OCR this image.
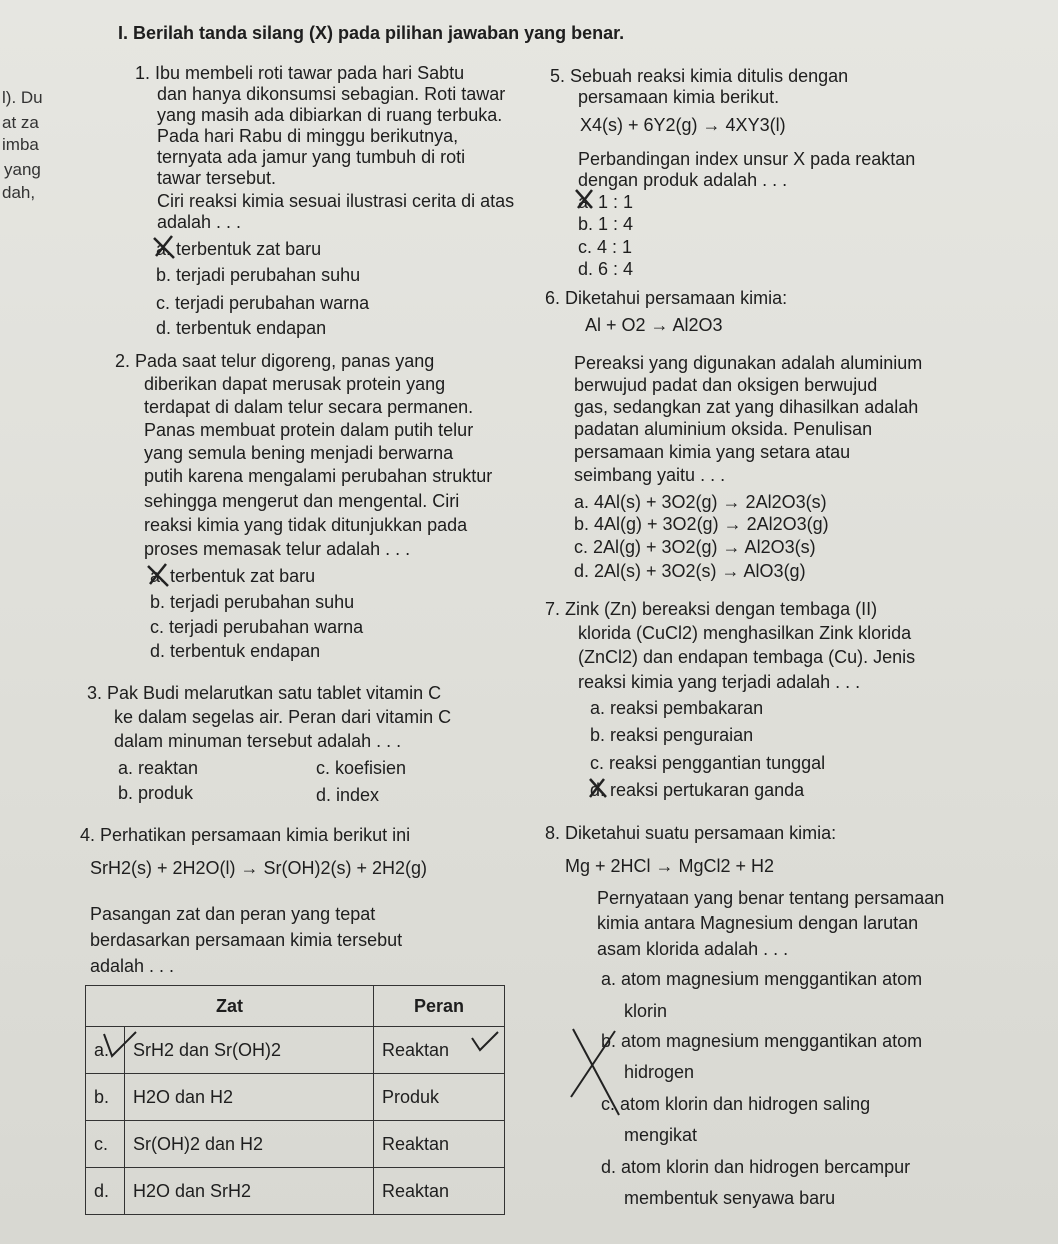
I. Berilah tanda silang (X) pada pilihan jawaban yang benar.
l). Du
at za
imba
yang
dah,
1. Ibu membeli roti tawar pada hari Sabtu
dan hanya dikonsumsi sebagian. Roti tawar
yang masih ada dibiarkan di ruang terbuka.
Pada hari Rabu di minggu berikutnya,
ternyata ada jamur yang tumbuh di roti
tawar tersebut.
Ciri reaksi kimia sesuai ilustrasi cerita di atas
adalah . . .
a. terbentuk zat baru
b. terjadi perubahan suhu
c. terjadi perubahan warna
d. terbentuk endapan
2. Pada saat telur digoreng, panas yang
diberikan dapat merusak protein yang
terdapat di dalam telur secara permanen.
Panas membuat protein dalam putih telur
yang semula bening menjadi berwarna
putih karena mengalami perubahan struktur
sehingga mengerut dan mengental. Ciri
reaksi kimia yang tidak ditunjukkan pada
proses memasak telur adalah . . .
a. terbentuk zat baru
b. terjadi perubahan suhu
c. terjadi perubahan warna
d. terbentuk endapan
3. Pak Budi melarutkan satu tablet vitamin C
ke dalam segelas air. Peran dari vitamin C
dalam minuman tersebut adalah . . .
a. reaktan	c. koefisien
b. produk	d. index
4. Perhatikan persamaan kimia berikut ini
SrH2(s) + 2H2O(l) → Sr(OH)2(s) + 2H2(g)
Pasangan zat dan peran yang tepat
berdasarkan persamaan kimia tersebut
adalah . . .
Zat		Peran
a.	SrH2 dan Sr(OH)2	Reaktan
b.	H2O dan H2	Produk
c.	Sr(OH)2 dan H2	Reaktan
d.	H2O dan SrH2	Reaktan
5. Sebuah reaksi kimia ditulis dengan
persamaan kimia berikut.
X4(s) + 6Y2(g) → 4XY3(l)
Perbandingan index unsur X pada reaktan
dengan produk adalah . . .
a. 1 : 1
b. 1 : 4
c. 4 : 1
d. 6 : 4
6. Diketahui persamaan kimia:
Al + O2 → Al2O3
Pereaksi yang digunakan adalah aluminium
berwujud padat dan oksigen berwujud
gas, sedangkan zat yang dihasilkan adalah
padatan aluminium oksida. Penulisan
persamaan kimia yang setara atau
seimbang yaitu . . .
a. 4Al(s) + 3O2(g) → 2Al2O3(s)
b. 4Al(g) + 3O2(g) → 2Al2O3(g)
c. 2Al(g) + 3O2(g) → Al2O3(s)
d. 2Al(s) + 3O2(s) → AlO3(g)
7. Zink (Zn) bereaksi dengan tembaga (II)
klorida (CuCl2) menghasilkan Zink klorida
(ZnCl2) dan endapan tembaga (Cu). Jenis
reaksi kimia yang terjadi adalah . . .
a. reaksi pembakaran
b. reaksi penguraian
c. reaksi penggantian tunggal
d. reaksi pertukaran ganda
8. Diketahui suatu persamaan kimia:
Mg + 2HCl → MgCl2 + H2
Pernyataan yang benar tentang persamaan
kimia antara Magnesium dengan larutan
asam klorida adalah . . .
a. atom magnesium menggantikan atom
klorin
b. atom magnesium menggantikan atom
hidrogen
c. atom klorin dan hidrogen saling
mengikat
d. atom klorin dan hidrogen bercampur
membentuk senyawa baru
